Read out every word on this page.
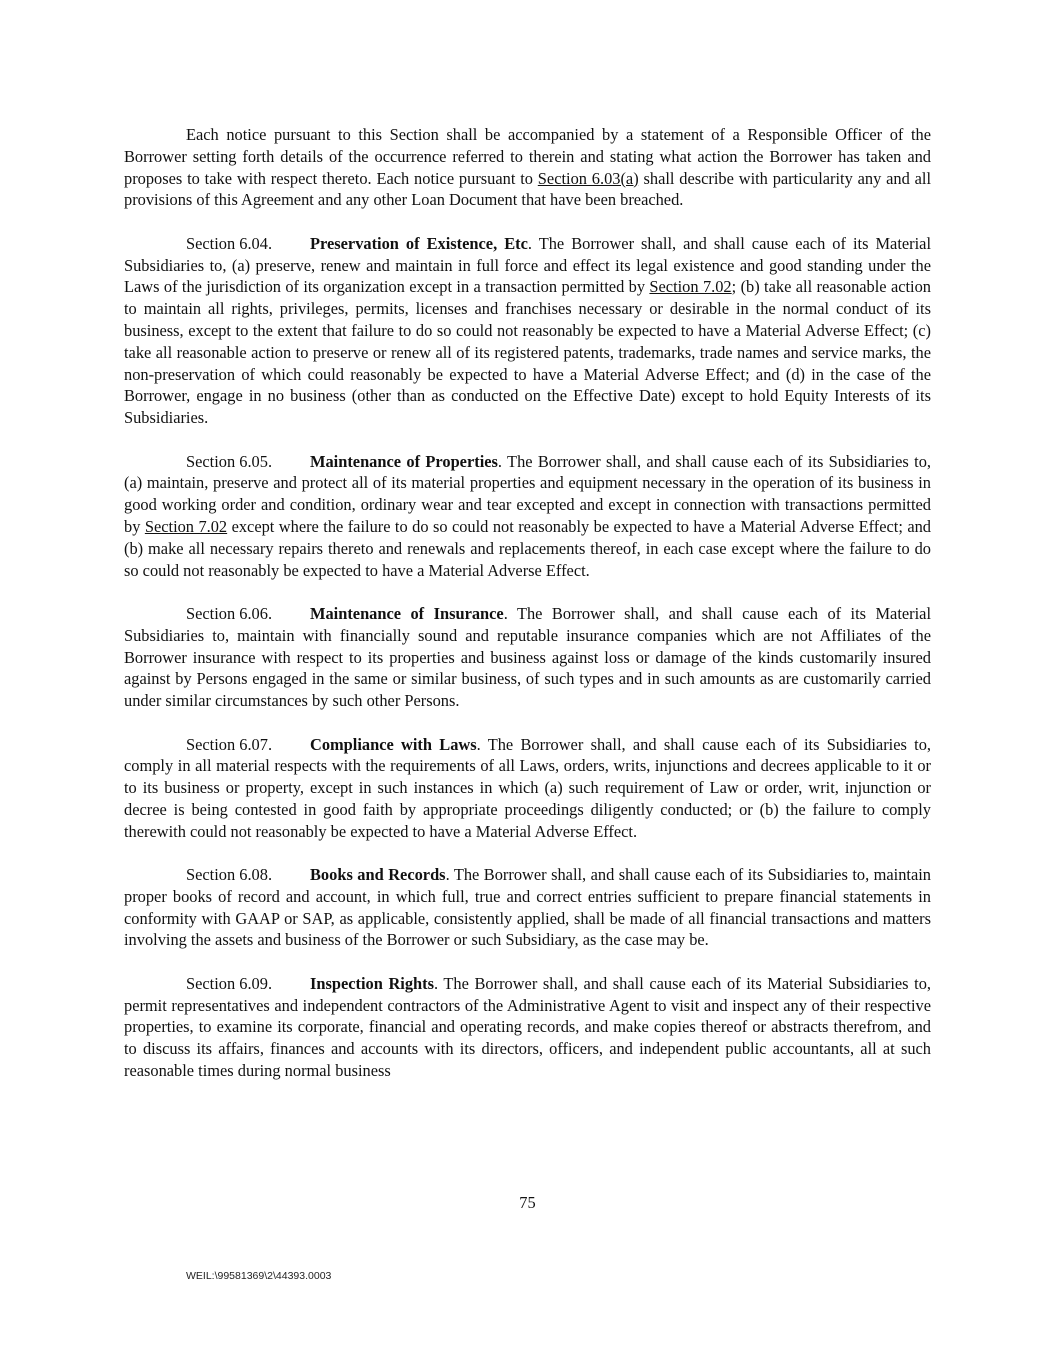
Each notice pursuant to this Section shall be accompanied by a statement of a Responsible Officer of the Borrower setting forth details of the occurrence referred to therein and stating what action the Borrower has taken and proposes to take with respect thereto. Each notice pursuant to Section 6.03(a) shall describe with particularity any and all provisions of this Agreement and any other Loan Document that have been breached.

Section 6.04. Preservation of Existence, Etc. The Borrower shall, and shall cause each of its Material Subsidiaries to, (a) preserve, renew and maintain in full force and effect its legal existence and good standing under the Laws of the jurisdiction of its organization except in a transaction permitted by Section 7.02; (b) take all reasonable action to maintain all rights, privileges, permits, licenses and franchises necessary or desirable in the normal conduct of its business, except to the extent that failure to do so could not reasonably be expected to have a Material Adverse Effect; (c) take all reasonable action to preserve or renew all of its registered patents, trademarks, trade names and service marks, the non-preservation of which could reasonably be expected to have a Material Adverse Effect; and (d) in the case of the Borrower, engage in no business (other than as conducted on the Effective Date) except to hold Equity Interests of its Subsidiaries.

Section 6.05. Maintenance of Properties. The Borrower shall, and shall cause each of its Subsidiaries to, (a) maintain, preserve and protect all of its material properties and equipment necessary in the operation of its business in good working order and condition, ordinary wear and tear excepted and except in connection with transactions permitted by Section 7.02 except where the failure to do so could not reasonably be expected to have a Material Adverse Effect; and (b) make all necessary repairs thereto and renewals and replacements thereof, in each case except where the failure to do so could not reasonably be expected to have a Material Adverse Effect.

Section 6.06. Maintenance of Insurance. The Borrower shall, and shall cause each of its Material Subsidiaries to, maintain with financially sound and reputable insurance companies which are not Affiliates of the Borrower insurance with respect to its properties and business against loss or damage of the kinds customarily insured against by Persons engaged in the same or similar business, of such types and in such amounts as are customarily carried under similar circumstances by such other Persons.

Section 6.07. Compliance with Laws. The Borrower shall, and shall cause each of its Subsidiaries to, comply in all material respects with the requirements of all Laws, orders, writs, injunctions and decrees applicable to it or to its business or property, except in such instances in which (a) such requirement of Law or order, writ, injunction or decree is being contested in good faith by appropriate proceedings diligently conducted; or (b) the failure to comply therewith could not reasonably be expected to have a Material Adverse Effect.

Section 6.08. Books and Records. The Borrower shall, and shall cause each of its Subsidiaries to, maintain proper books of record and account, in which full, true and correct entries sufficient to prepare financial statements in conformity with GAAP or SAP, as applicable, consistently applied, shall be made of all financial transactions and matters involving the assets and business of the Borrower or such Subsidiary, as the case may be.

Section 6.09. Inspection Rights. The Borrower shall, and shall cause each of its Material Subsidiaries to, permit representatives and independent contractors of the Administrative Agent to visit and inspect any of their respective properties, to examine its corporate, financial and operating records, and make copies thereof or abstracts therefrom, and to discuss its affairs, finances and accounts with its directors, officers, and independent public accountants, all at such reasonable times during normal business

75
WEIL:\99581369\2\44393.0003
